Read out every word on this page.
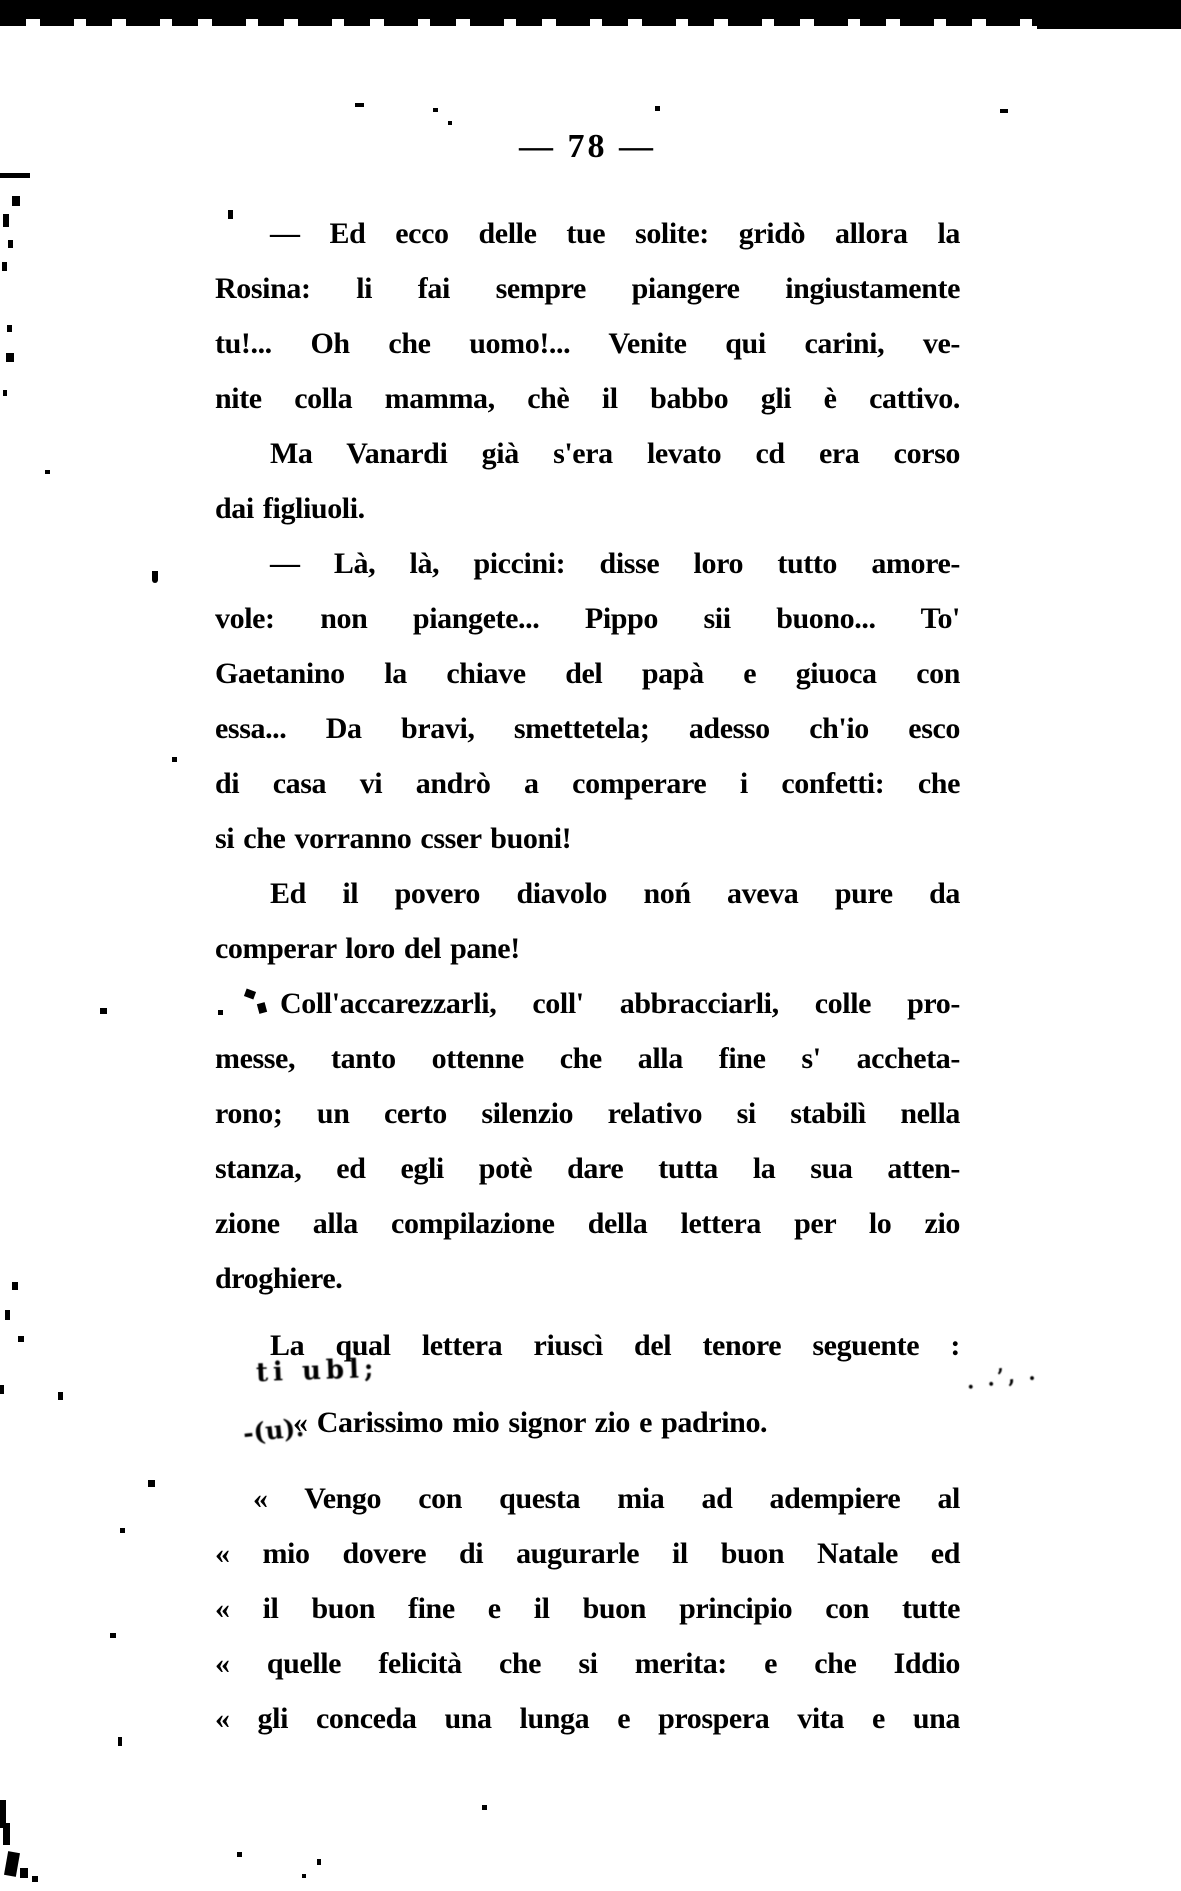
— 78 —
— Ed ecco delle tue solite: gridò allora la
Rosina: li fai sempre piangere ingiustamente
tu!... Oh che uomo!... Venite qui carini, ve-
nite colla mamma, chè il babbo gli è cattivo.
Ma Vanardi già s'era levato cd era corso
dai figliuoli.
— Là, là, piccini: disse loro tutto amore-
vole: non piangete... Pippo sii buono... To'
Gaetanino la chiave del papà e giuoca con
essa... Da bravi, smettetela; adesso ch'io esco
di casa vi andrò a comperare i confetti: che
si che vorranno csser buoni!
Ed il povero diavolo noń aveva pure da
comperar loro del pane!
Coll'accarezzarli, coll' abbracciarli, colle pro-
messe, tanto ottenne che alla fine s' accheta-
rono; un certo silenzio relativo si stabilì nella
stanza, ed egli potè dare tutta la sua atten-
zione alla compilazione della lettera per lo zio
droghiere.
La qual lettera riuscì del tenore seguente :
« Carissimo mio signor zio e padrino.
« Vengo con questa mia ad adempiere al
« mio dovere di augurarle il buon Natale ed
« il buon fine e il buon principio con tutte
« quelle felicità che si merita: e che Iddio
« gli conceda una lunga e prospera vita e una
ti ubl;
-(u).
. .ʼ, .
